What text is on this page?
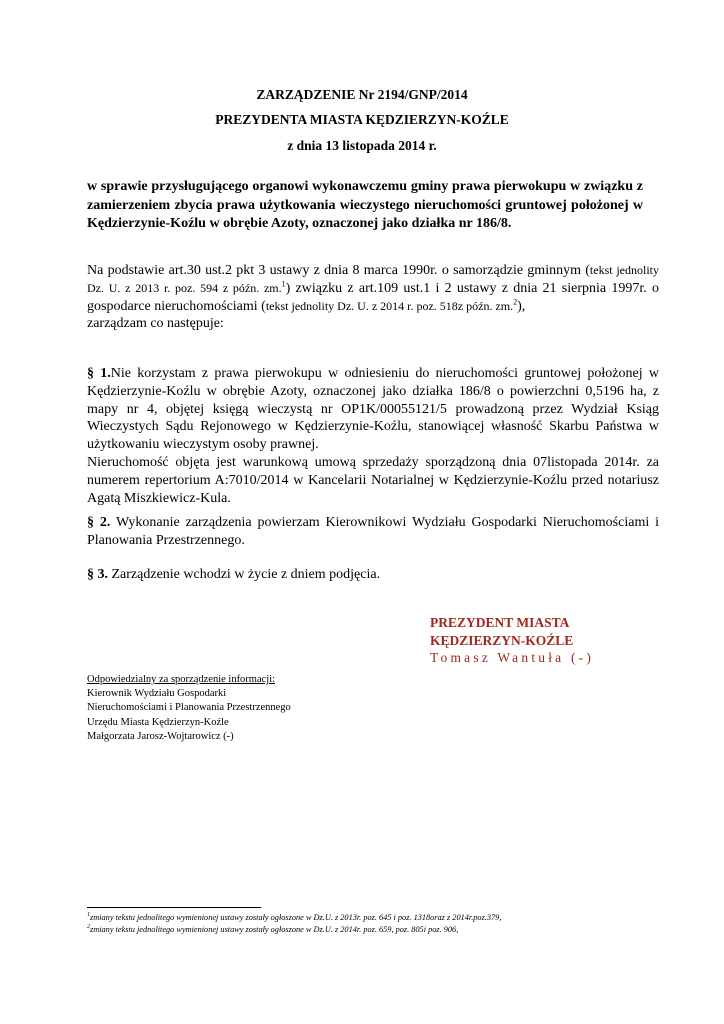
ZARZĄDZENIE Nr 2194/GNP/2014
PREZYDENTA MIASTA KĘDZIERZYN-KOŹLE
z dnia 13 listopada 2014 r.
w sprawie przysługującego organowi wykonawczemu gminy prawa pierwokupu w związku z zamierzeniem zbycia prawa użytkowania wieczystego nieruchomości gruntowej położonej w Kędzierzynie-Koźlu w obrębie Azoty, oznaczonej jako działka nr 186/8.
Na podstawie art.30 ust.2 pkt 3 ustawy z dnia 8 marca 1990r. o samorządzie gminnym (tekst jednolity Dz. U. z 2013 r. poz. 594 z późn. zm.$^1$) związku z art.109 ust.1 i 2 ustawy z dnia 21 sierpnia 1997r. o gospodarce nieruchomościami (tekst jednolity Dz. U. z 2014 r. poz. 518z późn. zm.$^2$),
zarządzam co następuje:
§ 1.Nie korzystam z prawa pierwokupu w odniesieniu do nieruchomości gruntowej położonej w Kędzierzynie-Koźlu w obrębie Azoty, oznaczonej jako działka 186/8 o powierzchni 0,5196 ha, z mapy nr 4, objętej księgą wieczystą nr OP1K/00055121/5 prowadzoną przez Wydział Ksiąg Wieczystych Sądu Rejonowego w Kędzierzynie-Koźlu, stanowiącej własność Skarbu Państwa w użytkowaniu wieczystym osoby prawnej.
Nieruchomość objęta jest warunkową umową sprzedaży sporządzoną dnia 07listopada 2014r. za numerem repertorium A:7010/2014 w Kancelarii Notarialnej w Kędzierzynie-Koźlu przed notariusz Agatą Miszkiewicz-Kula.
§ 2. Wykonanie zarządzenia powierzam Kierownikowi Wydziału Gospodarki Nieruchomościami i Planowania Przestrzennego.
§ 3. Zarządzenie wchodzi w życie z dniem podjęcia.
PREZYDENT MIASTA
KĘDZIERZYN-KOŹLE
Tomasz Wantuła (-)
Odpowiedzialny za sporządzenie informacji:
Kierownik Wydziału Gospodarki
Nieruchomościami i Planowania Przestrzennego
Urzędu Miasta Kędzierzyn-Koźle
Małgorzata Jarosz-Wojtarowicz (-)
$^1$zmiany tekstu jednolitego wymienionej ustawy zostały ogłoszone w Dz.U. z 2013r. poz. 645 i poz. 1318oraz z 2014r.poz.379,
$^2$zmiany tekstu jednolitego wymienionej ustawy zostały ogłoszone w Dz.U. z 2014r. poz. 659, poz. 805i poz. 906,
